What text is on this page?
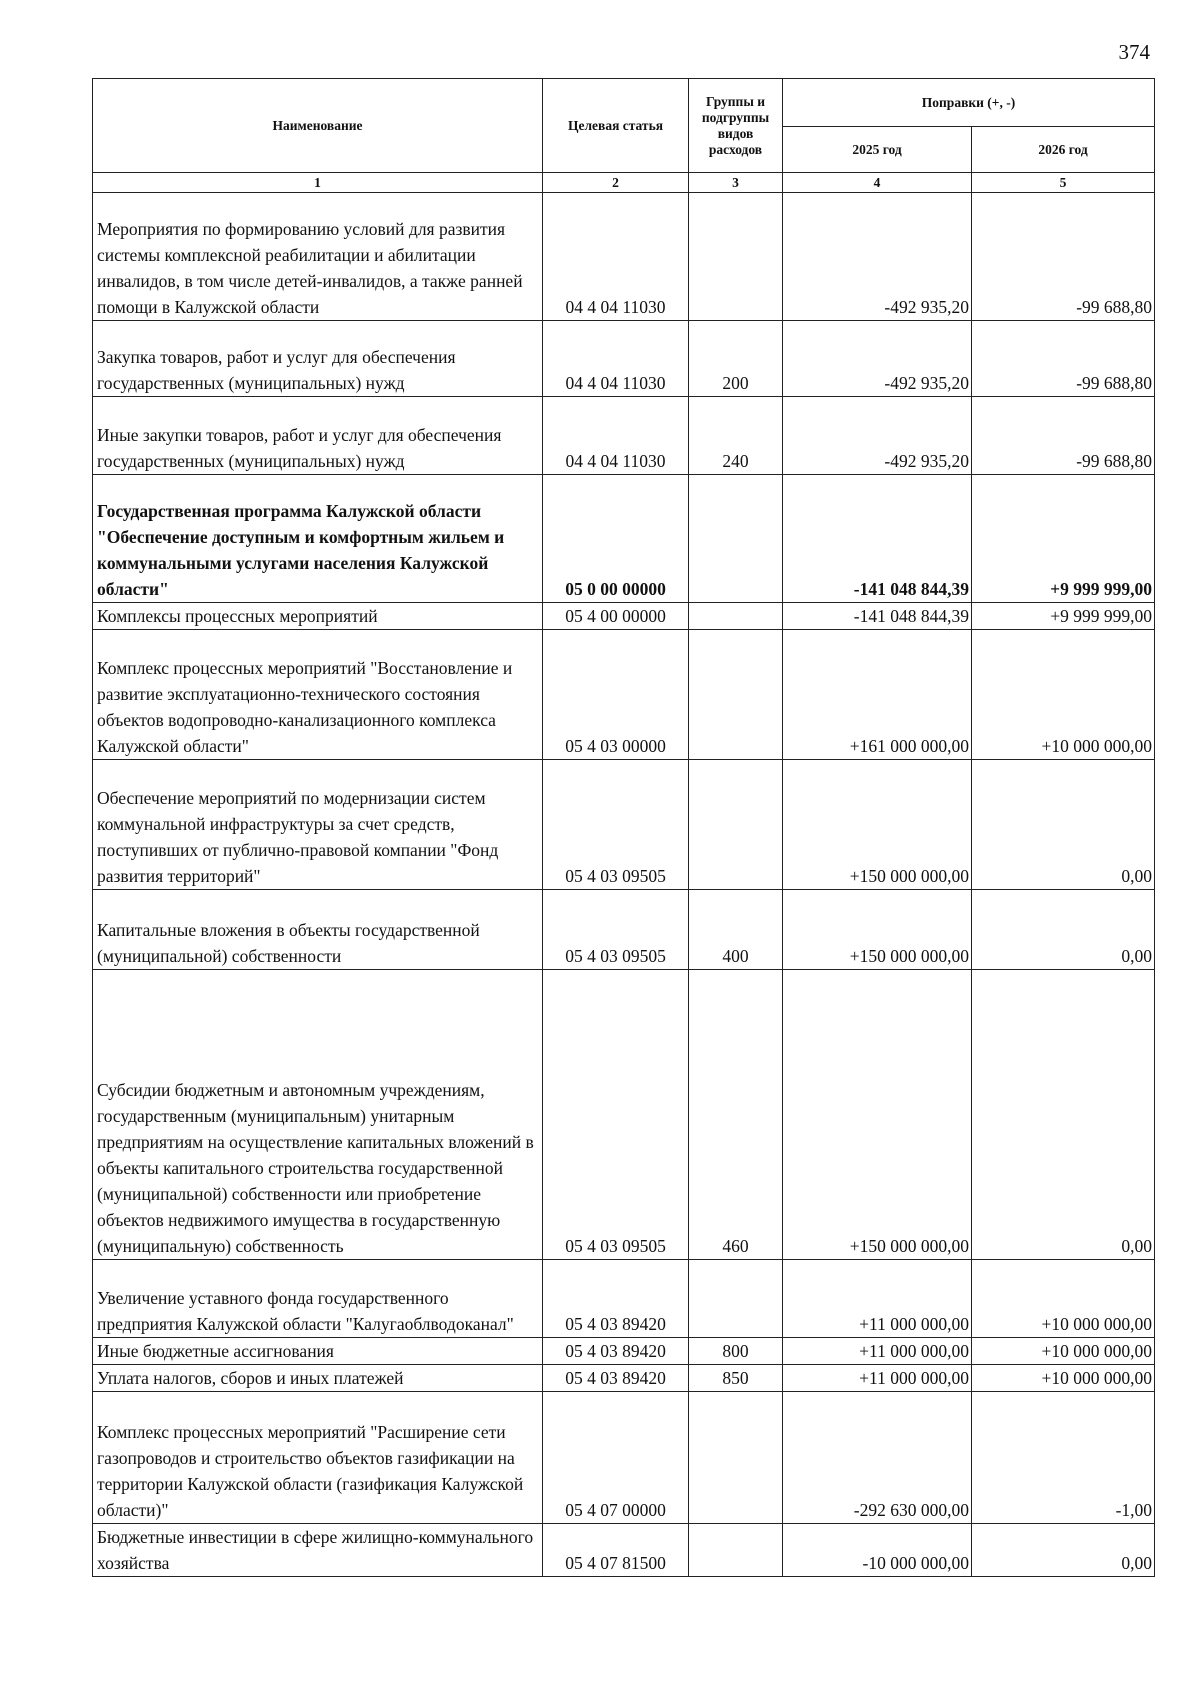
374
Наименование	Целевая статья	Группы и подгруппы видов расходов	Поправки (+, -)	
			2025 год	2026 год
1	2	3	4	5
Мероприятия по формированию условий для развития системы комплексной реабилитации и абилитации инвалидов, в том числе детей-инвалидов, а также ранней помощи в Калужской области	04 4 04 11030		-492 935,20	-99 688,80
Закупка товаров, работ и услуг для обеспечения государственных (муниципальных) нужд	04 4 04 11030	200	-492 935,20	-99 688,80
Иные закупки товаров, работ и услуг для обеспечения государственных (муниципальных) нужд	04 4 04 11030	240	-492 935,20	-99 688,80
Государственная программа Калужской области "Обеспечение доступным и комфортным жильем и коммунальными услугами населения Калужской области"	05 0 00 00000		-141 048 844,39	+9 999 999,00
Комплексы процессных мероприятий	05 4 00 00000		-141 048 844,39	+9 999 999,00
Комплекс процессных мероприятий "Восстановление и развитие эксплуатационно-технического состояния объектов водопроводно-канализационного комплекса Калужской области"	05 4 03 00000		+161 000 000,00	+10 000 000,00
Обеспечение мероприятий по модернизации систем коммунальной инфраструктуры за счет средств, поступивших от публично-правовой компании "Фонд развития территорий"	05 4 03 09505		+150 000 000,00	0,00
Капитальные вложения в объекты государственной (муниципальной) собственности	05 4 03 09505	400	+150 000 000,00	0,00
Субсидии бюджетным и автономным учреждениям, государственным (муниципальным) унитарным предприятиям на осуществление капитальных вложений в объекты капитального строительства государственной (муниципальной) собственности или приобретение объектов недвижимого имущества в государственную (муниципальную) собственность	05 4 03 09505	460	+150 000 000,00	0,00
Увеличение уставного фонда государственного предприятия Калужской области "Калугаоблводоканал"	05 4 03 89420		+11 000 000,00	+10 000 000,00
Иные бюджетные ассигнования	05 4 03 89420	800	+11 000 000,00	+10 000 000,00
Уплата налогов, сборов и иных платежей	05 4 03 89420	850	+11 000 000,00	+10 000 000,00
Комплекс процессных мероприятий "Расширение сети газопроводов и строительство объектов газификации на территории Калужской области (газификация Калужской области)"	05 4 07 00000		-292 630 000,00	-1,00
Бюджетные инвестиции в сфере жилищно-коммунального хозяйства	05 4 07 81500		-10 000 000,00	0,00
